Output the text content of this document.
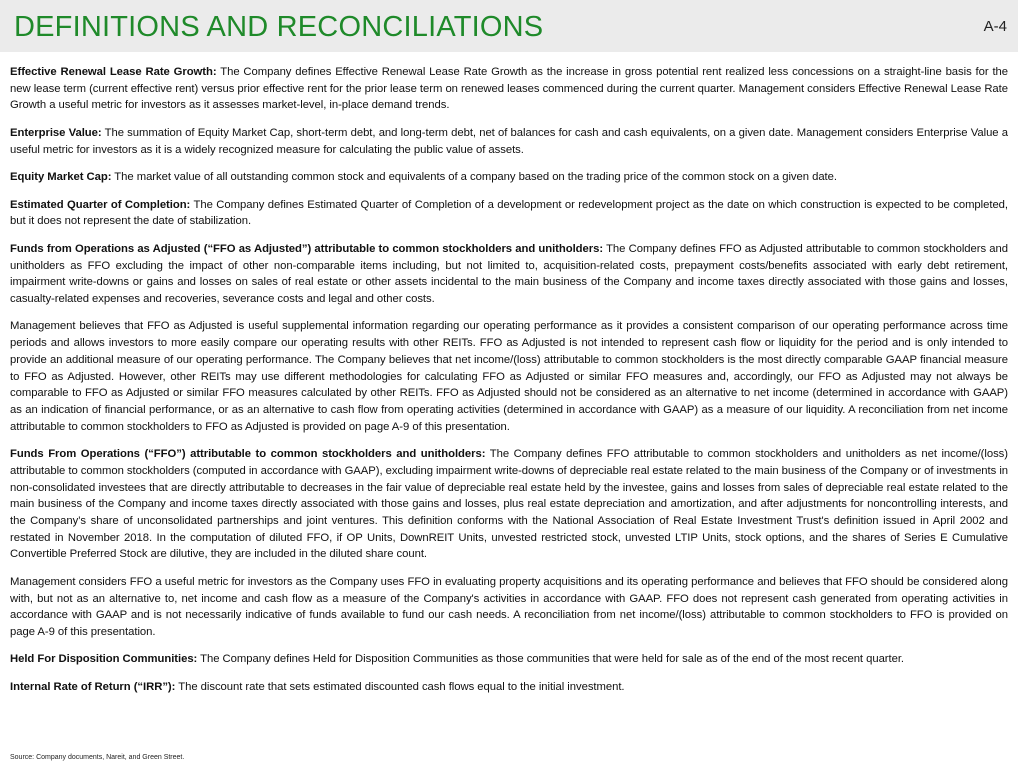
DEFINITIONS AND RECONCILIATIONS	A-4

Effective Renewal Lease Rate Growth: The Company defines Effective Renewal Lease Rate Growth as the increase in gross potential rent realized less concessions on a straight-line basis for the new lease term (current effective rent) versus prior effective rent for the prior lease term on renewed leases commenced during the current quarter. Management considers Effective Renewal Lease Rate Growth a useful metric for investors as it assesses market-level, in-place demand trends.

Enterprise Value: The summation of Equity Market Cap, short-term debt, and long-term debt, net of balances for cash and cash equivalents, on a given date. Management considers Enterprise Value a useful metric for investors as it is a widely recognized measure for calculating the public value of assets.

Equity Market Cap: The market value of all outstanding common stock and equivalents of a company based on the trading price of the common stock on a given date.

Estimated Quarter of Completion: The Company defines Estimated Quarter of Completion of a development or redevelopment project as the date on which construction is expected to be completed, but it does not represent the date of stabilization.

Funds from Operations as Adjusted (“FFO as Adjusted”) attributable to common stockholders and unitholders: The Company defines FFO as Adjusted attributable to common stockholders and unitholders as FFO excluding the impact of other non-comparable items including, but not limited to, acquisition-related costs, prepayment costs/benefits associated with early debt retirement, impairment write-downs or gains and losses on sales of real estate or other assets incidental to the main business of the Company and income taxes directly associated with those gains and losses, casualty-related expenses and recoveries, severance costs and legal and other costs.

Management believes that FFO as Adjusted is useful supplemental information regarding our operating performance as it provides a consistent comparison of our operating performance across time periods and allows investors to more easily compare our operating results with other REITs. FFO as Adjusted is not intended to represent cash flow or liquidity for the period and is only intended to provide an additional measure of our operating performance. The Company believes that net income/(loss) attributable to common stockholders is the most directly comparable GAAP financial measure to FFO as Adjusted. However, other REITs may use different methodologies for calculating FFO as Adjusted or similar FFO measures and, accordingly, our FFO as Adjusted may not always be comparable to FFO as Adjusted or similar FFO measures calculated by other REITs. FFO as Adjusted should not be considered as an alternative to net income (determined in accordance with GAAP) as an indication of financial performance, or as an alternative to cash flow from operating activities (determined in accordance with GAAP) as a measure of our liquidity. A reconciliation from net income attributable to common stockholders to FFO as Adjusted is provided on page A-9 of this presentation.

Funds From Operations (“FFO”) attributable to common stockholders and unitholders: The Company defines FFO attributable to common stockholders and unitholders as net income/(loss) attributable to common stockholders (computed in accordance with GAAP), excluding impairment write-downs of depreciable real estate related to the main business of the Company or of investments in non-consolidated investees that are directly attributable to decreases in the fair value of depreciable real estate held by the investee, gains and losses from sales of depreciable real estate related to the main business of the Company and income taxes directly associated with those gains and losses, plus real estate depreciation and amortization, and after adjustments for noncontrolling interests, and the Company’s share of unconsolidated partnerships and joint ventures. This definition conforms with the National Association of Real Estate Investment Trust's definition issued in April 2002 and restated in November 2018. In the computation of diluted FFO, if OP Units, DownREIT Units, unvested restricted stock, unvested LTIP Units, stock options, and the shares of Series E Cumulative Convertible Preferred Stock are dilutive, they are included in the diluted share count.

Management considers FFO a useful metric for investors as the Company uses FFO in evaluating property acquisitions and its operating performance and believes that FFO should be considered along with, but not as an alternative to, net income and cash flow as a measure of the Company's activities in accordance with GAAP. FFO does not represent cash generated from operating activities in accordance with GAAP and is not necessarily indicative of funds available to fund our cash needs. A reconciliation from net income/(loss) attributable to common stockholders to FFO is provided on page A-9 of this presentation.

Held For Disposition Communities: The Company defines Held for Disposition Communities as those communities that were held for sale as of the end of the most recent quarter.

Internal Rate of Return (“IRR”): The discount rate that sets estimated discounted cash flows equal to the initial investment.

Source: Company documents, Nareit, and Green Street.
